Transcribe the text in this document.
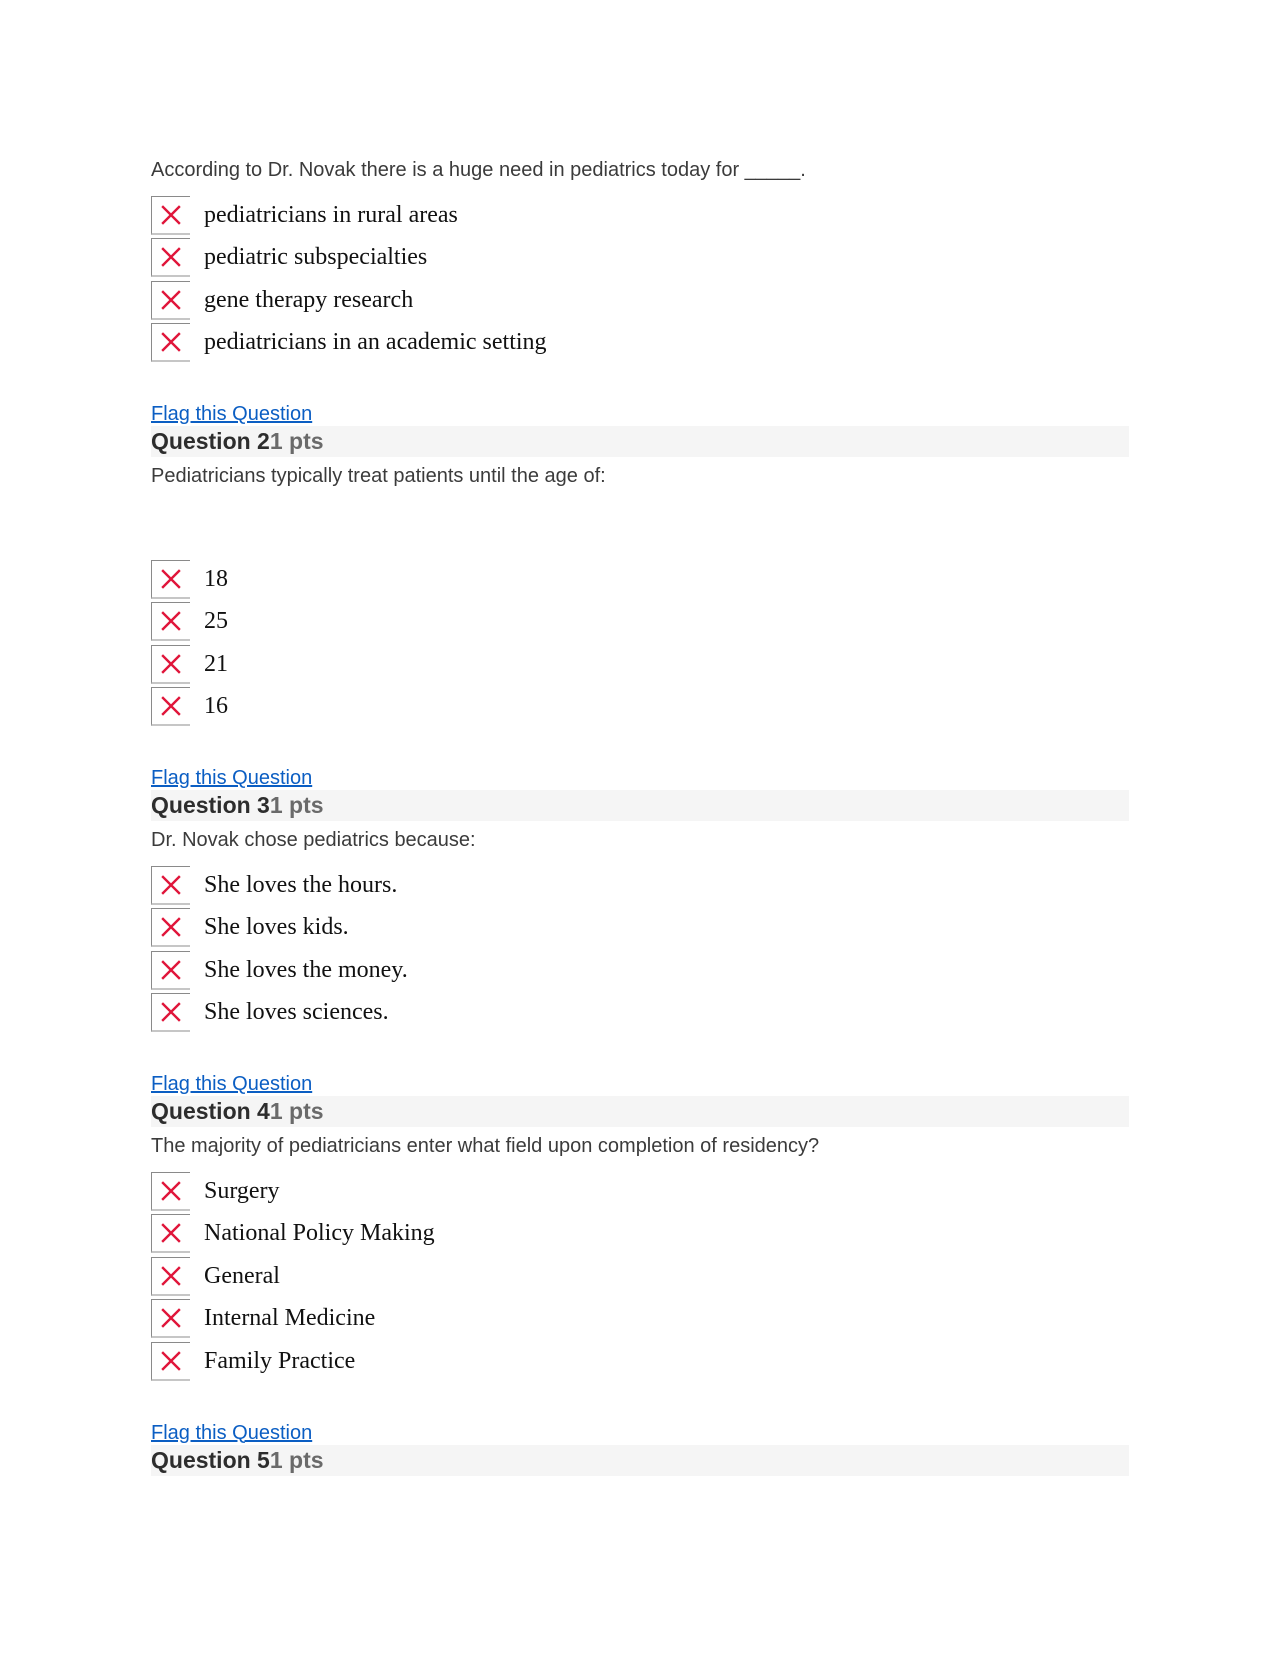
According to Dr. Novak there is a huge need in pediatrics today for _____.
pediatricians in rural areas
pediatric subspecialties
gene therapy research
pediatricians in an academic setting
Flag this Question
Question 21 pts
Pediatricians typically treat patients until the age of:
18
25
21
16
Flag this Question
Question 31 pts
Dr. Novak chose pediatrics because:
She loves the hours.
She loves kids.
She loves the money.
She loves sciences.
Flag this Question
Question 41 pts
The majority of pediatricians enter what field upon completion of residency?
Surgery
National Policy Making
General
Internal Medicine
Family Practice
Flag this Question
Question 51 pts
